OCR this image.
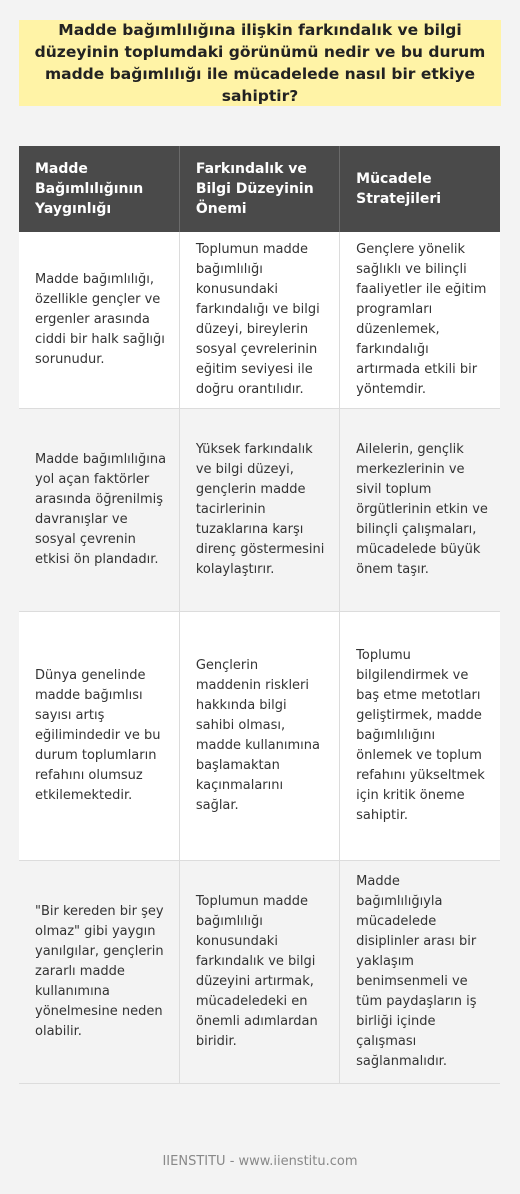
Madde bağımlılığına ilişkin farkındalık ve bilgi düzeyinin toplumdaki görünümü nedir ve bu durum madde bağımlılığı ile mücadelede nasıl bir etkiye sahiptir?
Madde Bağımlılığının Yaygınlığı	Farkındalık ve Bilgi Düzeyinin Önemi	Mücadele Stratejileri
Madde bağımlılığı, özellikle gençler ve ergenler arasında ciddi bir halk sağlığı sorunudur.	Toplumun madde bağımlılığı konusundaki farkındalığı ve bilgi düzeyi, bireylerin sosyal çevrelerinin eğitim seviyesi ile doğru orantılıdır.	Gençlere yönelik sağlıklı ve bilinçli faaliyetler ile eğitim programları düzenlemek, farkındalığı artırmada etkili bir yöntemdir.
Madde bağımlılığına yol açan faktörler arasında öğrenilmiş davranışlar ve sosyal çevrenin etkisi ön plandadır.	Yüksek farkındalık ve bilgi düzeyi, gençlerin madde tacirlerinin tuzaklarına karşı direnç göstermesini kolaylaştırır.	Ailelerin, gençlik merkezlerinin ve sivil toplum örgütlerinin etkin ve bilinçli çalışmaları, mücadelede büyük önem taşır.
Dünya genelinde madde bağımlısı sayısı artış eğilimindedir ve bu durum toplumların refahını olumsuz etkilemektedir.	Gençlerin maddenin riskleri hakkında bilgi sahibi olması, madde kullanımına başlamaktan kaçınmalarını sağlar.	Toplumu bilgilendirmek ve baş etme metotları geliştirmek, madde bağımlılığını önlemek ve toplum refahını yükseltmek için kritik öneme sahiptir.
"Bir kereden bir şey olmaz" gibi yaygın yanılgılar, gençlerin zararlı madde kullanımına yönelmesine neden olabilir.	Toplumun madde bağımlılığı konusundaki farkındalık ve bilgi düzeyini artırmak, mücadeledeki en önemli adımlardan biridir.	Madde bağımlılığıyla mücadelede disiplinler arası bir yaklaşım benimsenmeli ve tüm paydaşların iş birliği içinde çalışması sağlanmalıdır.
IIENSTITU - www.iienstitu.com
